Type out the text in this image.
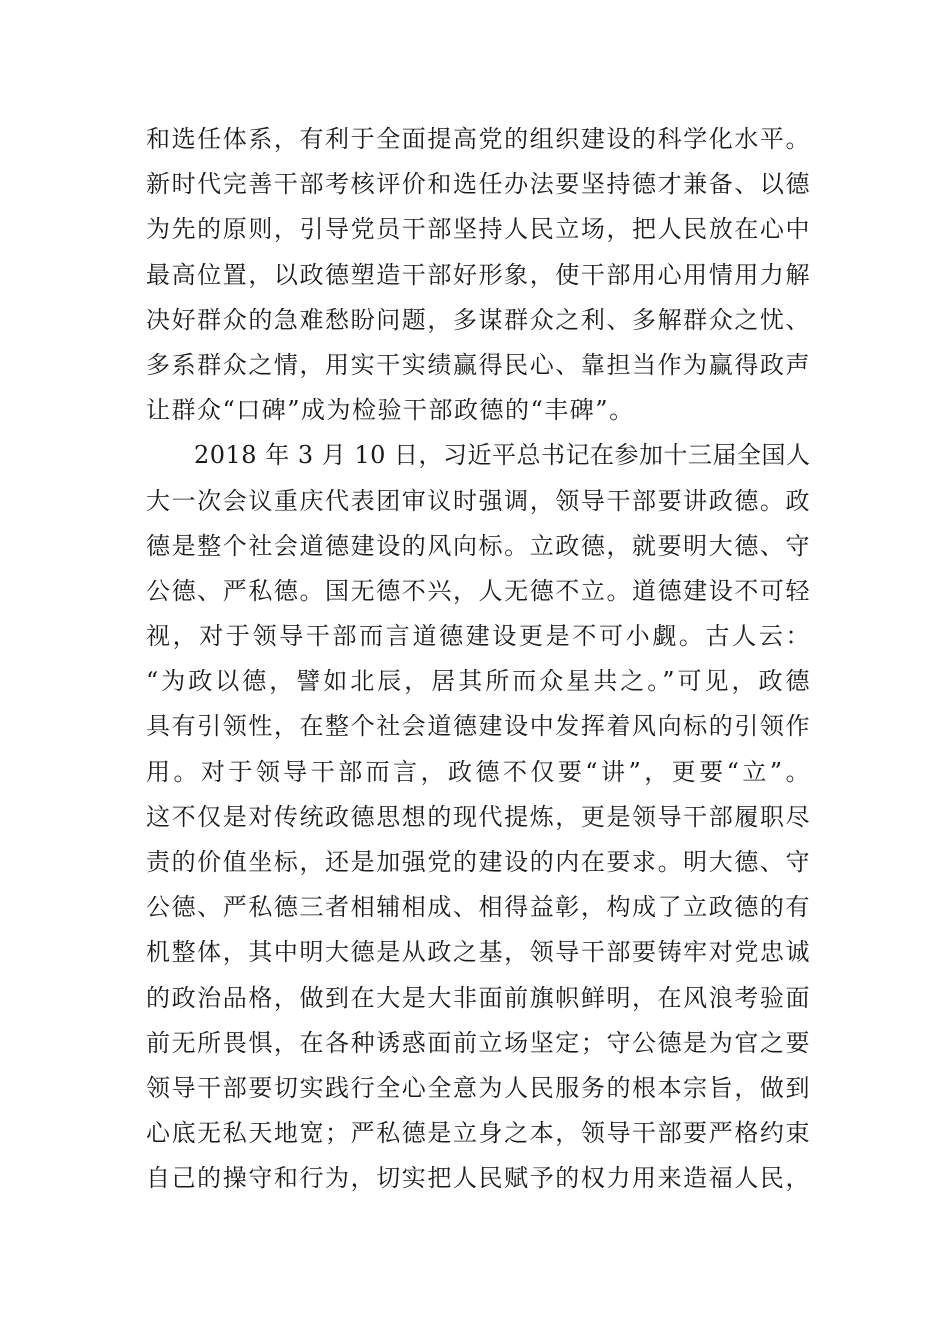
和选任体系，有利于全面提高党的组织建设的科学化水平。
新时代完善干部考核评价和选任办法要坚持德才兼备、以德
为先的原则，引导党员干部坚持人民立场，把人民放在心中
最高位置，以政德塑造干部好形象，使干部用心用情用力解
决好群众的急难愁盼问题，多谋群众之利、多解群众之忧、
多系群众之情，用实干实绩赢得民心、靠担当作为赢得政声
让群众“口碑”成为检验干部政德的“丰碑”。
2018 年 3 月 10 日，习近平总书记在参加十三届全国人
大一次会议重庆代表团审议时强调，领导干部要讲政德。政
德是整个社会道德建设的风向标。立政德，就要明大德、守
公德、严私德。国无德不兴，人无德不立。道德建设不可轻
视，对于领导干部而言道德建设更是不可小觑。古人云：
“为政以德，譬如北辰，居其所而众星共之。”可见，政德
具有引领性，在整个社会道德建设中发挥着风向标的引领作
用。对于领导干部而言，政德不仅要“讲”，更要“立”。
这不仅是对传统政德思想的现代提炼，更是领导干部履职尽
责的价值坐标，还是加强党的建设的内在要求。明大德、守
公德、严私德三者相辅相成、相得益彰，构成了立政德的有
机整体，其中明大德是从政之基，领导干部要铸牢对党忠诚
的政治品格，做到在大是大非面前旗帜鲜明，在风浪考验面
前无所畏惧，在各种诱惑面前立场坚定；守公德是为官之要
领导干部要切实践行全心全意为人民服务的根本宗旨，做到
心底无私天地宽；严私德是立身之本，领导干部要严格约束
自己的操守和行为，切实把人民赋予的权力用来造福人民，
